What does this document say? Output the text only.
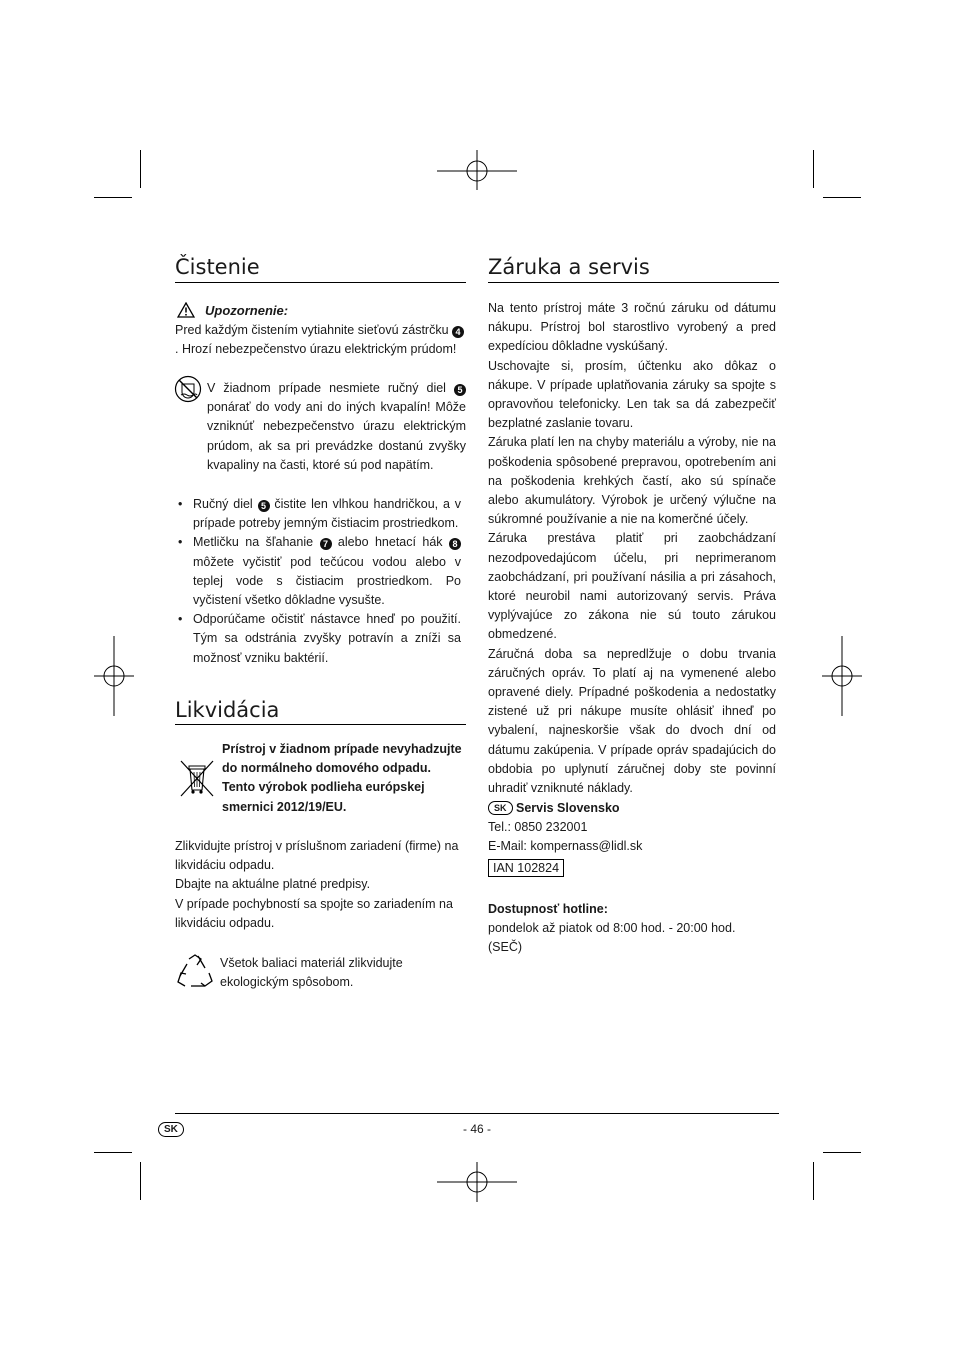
Čistenie
Upozornenie:

Pred každým čistením vytiahnite sieťovú zástrčku 4. Hrozí nebezpečenstvo úrazu elektrickým prúdom!

V žiadnom prípade nesmiete ručný diel 5 ponárať do vody ani do iných kvapalín! Môže vzniknúť nebezpečenstvo úrazu elektrickým prúdom, ak sa pri prevádzke dostanú zvyšky kvapaliny na časti, ktoré sú pod napätím.

• Ručný diel 5 čistite len vlhkou handričkou, a v prípade potreby jemným čistiacim prostriedkom.
• Metličku na šľahanie 7 alebo hnetací hák 8 môžete vyčistiť pod tečúcou vodou alebo v teplej vode s čistiacim prostriedkom. Po vyčistení všetko dôkladne vysušte.
• Odporúčame očistiť nástavce hneď po použití. Tým sa odstránia zvyšky potravín a zníži sa možnosť vzniku baktérií.
Likvidácia

Prístroj v žiadnom prípade nevyhadzujte do normálneho domového odpadu. Tento výrobok podlieha európskej smernici 2012/19/EU.

Zlikvidujte prístroj v príslušnom zariadení (firme) na likvidáciu odpadu.
Dbajte na aktuálne platné predpisy.
V prípade pochybností sa spojte so zariadením na likvidáciu odpadu.

Všetok baliaci materiál zlikvidujte ekologickým spôsobom.

Záruka a servis
Na tento prístroj máte 3 ročnú záruku od dátumu nákupu. Prístroj bol starostlivo vyrobený a pred expedíciou dôkladne vyskúšaný.
Uschovajte si, prosím, účtenku ako dôkaz o nákupe. V prípade uplatňovania záruky sa spojte s opravovňou telefonicky. Len tak sa dá zabezpečiť bezplatné zaslanie tovaru.
Záruka platí len na chyby materiálu a výroby, nie na poškodenia spôsobené prepravou, opotrebením ani na poškodenia krehkých častí, ako sú spínače alebo akumulátory. Výrobok je určený výlučne na súkromné používanie a nie na komerčné účely.
Záruka prestáva platiť pri zaobchádzaní nezodpovedajúcom účelu, pri neprimeranom zaobchádzaní, pri používaní násilia a pri zásahoch, ktoré neurobil nami autorizovaný servis. Práva vyplývajúce zo zákona nie sú touto zárukou obmedzené.
Záručná doba sa nepredlžuje o dobu trvania záručných opráv. To platí aj na vymenené alebo opravené diely. Prípadné poškodenia a nedostatky zistené už pri nákupe musíte ohlásiť ihneď po vybalení, najneskoršie však do dvoch dní od dátumu zakúpenia. V prípade opráv spadajúcich do obdobia po uplynutí záručnej doby ste povinní uhradiť vzniknuté náklady.
SK Servis Slovensko
Tel.: 0850 232001
E-Mail: kompernass@lidl.sk
IAN 102824
Dostupnosť hotline:
pondelok až piatok od 8:00 hod. - 20:00 hod. (SEČ)
SK	- 46 -
